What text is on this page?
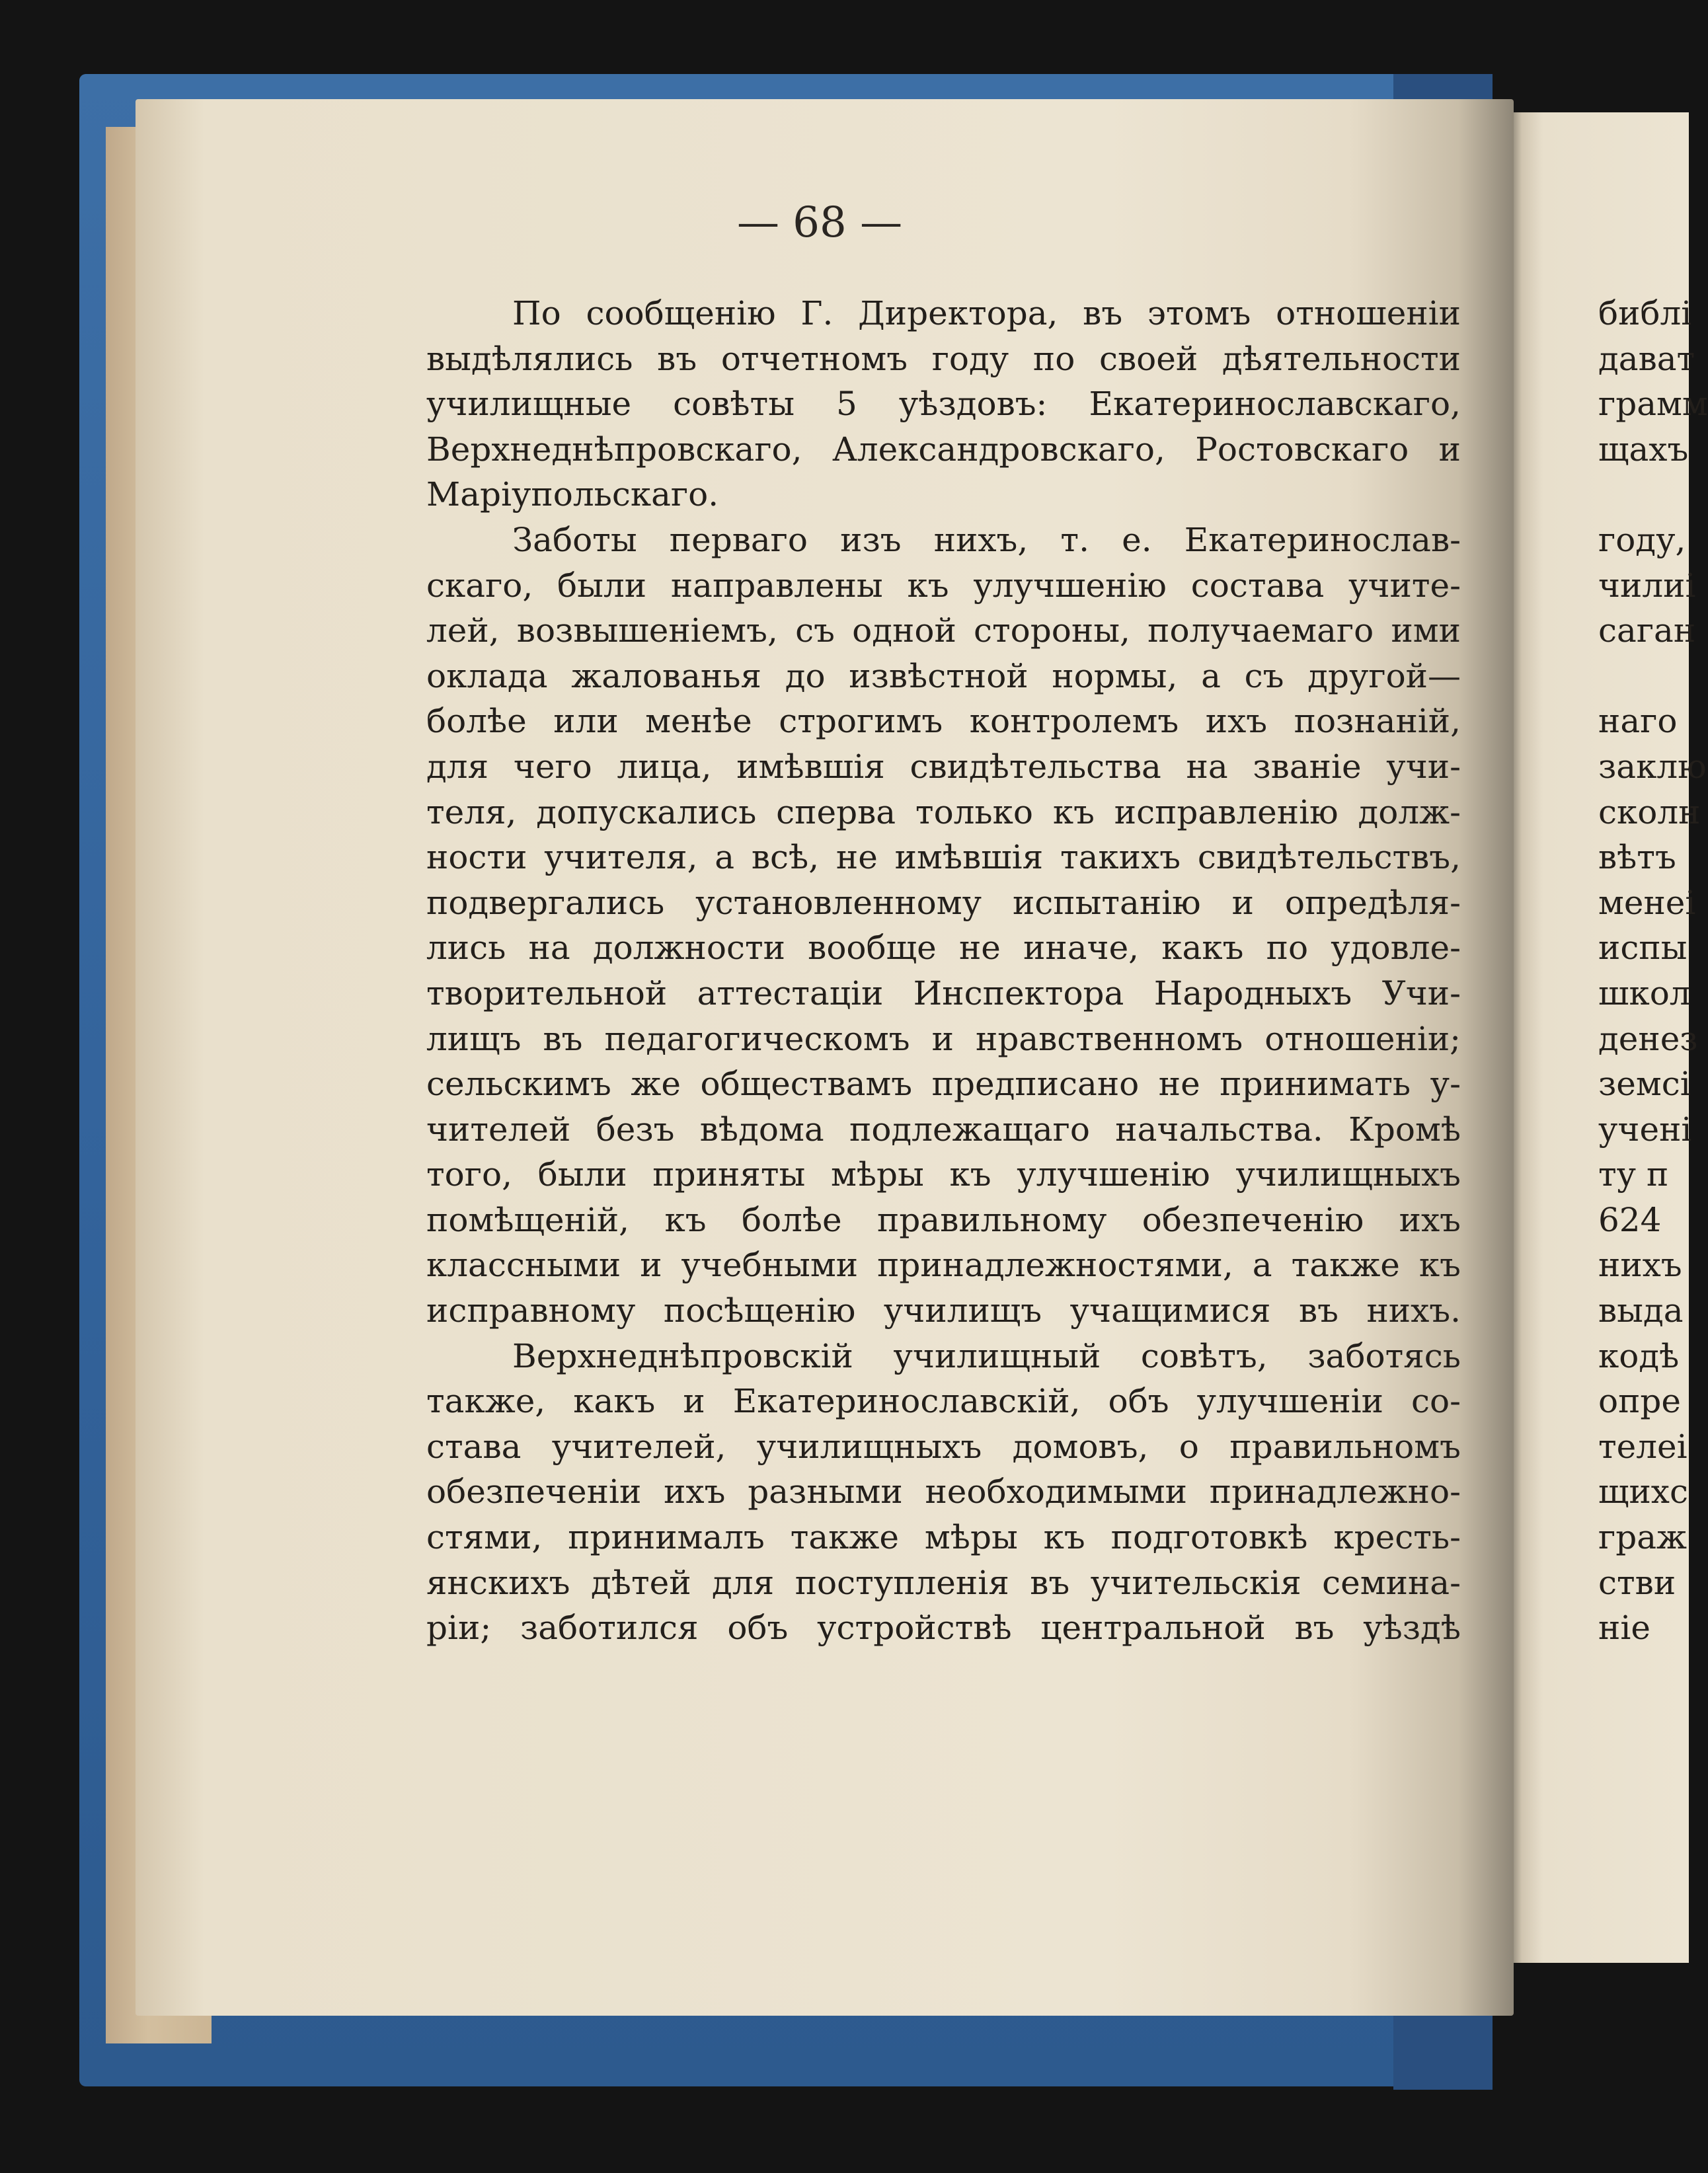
— 68 —
По сообщенію Г. Директора, въ этомъ отношеніи
выдѣлялись въ отчетномъ году по своей дѣятельности
училищные совѣты 5 уѣздовъ: Екатеринославскаго,
Верхнеднѣпровскаго, Александровскаго, Ростовскаго и
Маріупольскаго.
Заботы перваго изъ нихъ, т. е. Екатеринослав-
скаго, были направлены къ улучшенію состава учите-
лей, возвышеніемъ, съ одной стороны, получаемаго ими
оклада жалованья до извѣстной нормы, а съ другой—
болѣе или менѣе строгимъ контролемъ ихъ познаній,
для чего лица, имѣвшія свидѣтельства на званіе учи-
теля, допускались сперва только къ исправленію долж-
ности учителя, а всѣ, не имѣвшія такихъ свидѣтельствъ,
подвергались установленному испытанію и опредѣля-
лись на должности вообще не иначе, какъ по удовле-
творительной аттестаціи Инспектора Народныхъ Учи-
лищъ въ педагогическомъ и нравственномъ отношеніи;
сельскимъ же обществамъ предписано не принимать у-
чителей безъ вѣдома подлежащаго начальства. Кромѣ
того, были приняты мѣры къ улучшенію училищныхъ
помѣщеній, къ болѣе правильному обезпеченію ихъ
классными и учебными принадлежностями, а также къ
исправному посѣщенію училищъ учащимися въ нихъ.
Верхнеднѣпровскій училищный совѣтъ, заботясь
также, какъ и Екатеринославскій, объ улучшеніи со-
става учителей, училищныхъ домовъ, о правильномъ
обезпеченіи ихъ разными необходимыми принадлежно-
стями, принималъ также мѣры къ подготовкѣ кресть-
янскихъ дѣтей для поступленія въ учительскія семина-
ріи; заботился объ устройствѣ центральной въ уѣздѣ
библі
дават
грамм
щахъ

году,
чилиі
саган

наго
заклю
сколн
вѣтъ
менеі
испы
школ
денез
земсі
учені
ту п
624
нихъ
выда
кодѣ
опре
телеі
щихс
граж
стви
ніе
